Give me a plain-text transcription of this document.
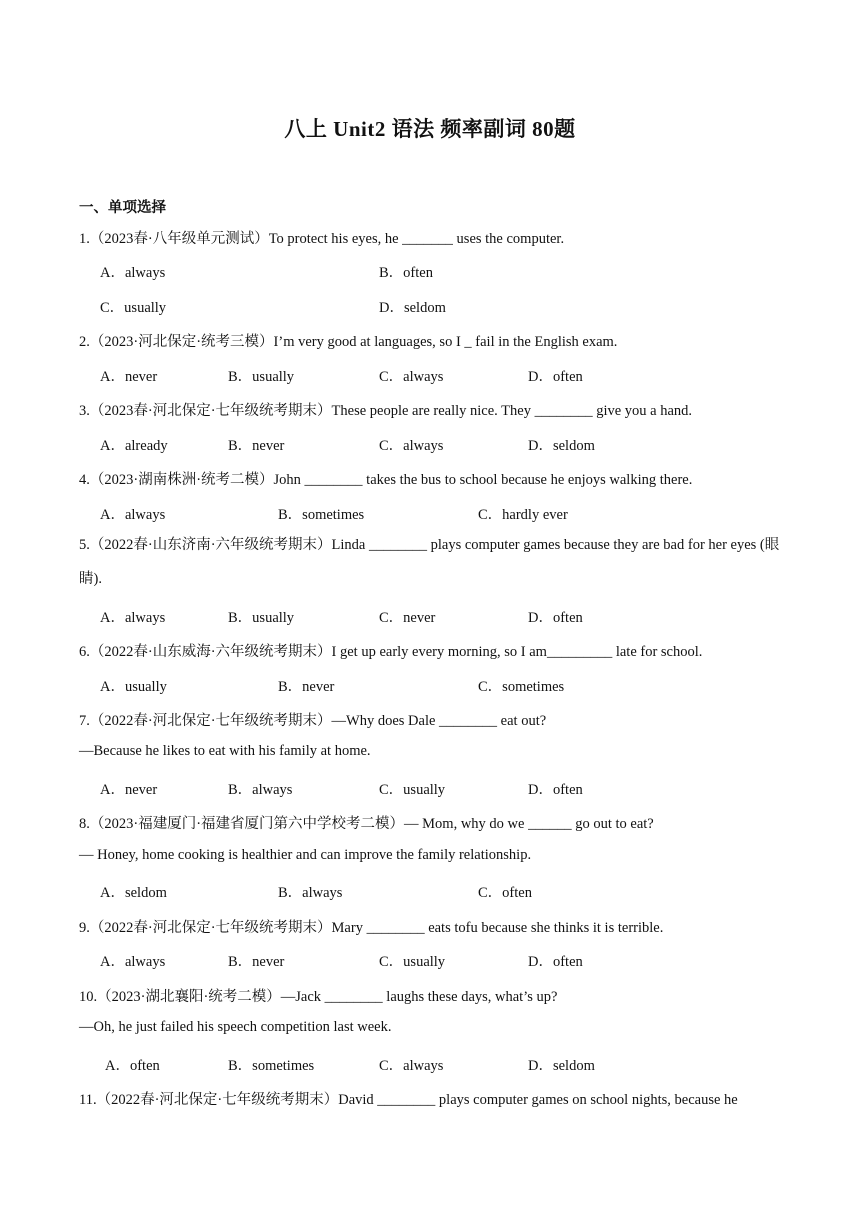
八上 Unit2 语法 频率副词 80题
一、单项选择
1.（2023春·八年级单元测试）To protect his eyes, he _______ uses the computer.
A．always	B．often
C．usually	D．seldom
2.（2023·河北保定·统考三模）I’m very good at languages, so I _ fail in the English exam.
A．never	B．usually	C．always	D．often
3.（2023春·河北保定·七年级统考期末）These people are really nice. They ________ give you a hand.
A．already	B．never	C．always	D．seldom
4.（2023·湖南株洲·统考二模）John ________ takes the bus to school because he enjoys walking there.
A．always	B．sometimes	C．hardly ever
5.（2022春·山东济南·六年级统考期末）Linda ________ plays computer games because they are bad for her eyes (眼睛).
A．always	B．usually	C．never	D．often
6.（2022春·山东威海·六年级统考期末）I get up early every morning, so I am_________ late for school.
A．usually	B．never	C．sometimes
7.（2022春·河北保定·七年级统考期末）—Why does Dale ________ eat out?
—Because he likes to eat with his family at home.
A．never	B．always	C．usually	D．often
8.（2023·福建厦门·福建省厦门第六中学校考二模）— Mom, why do we ______ go out to eat?
— Honey, home cooking is healthier and can improve the family relationship.
A．seldom	B．always	C．often
9.（2022春·河北保定·七年级统考期末）Mary ________ eats tofu because she thinks it is terrible.
A．always	B．never	C．usually	D．often
10.（2023·湖北襄阳·统考二模）—Jack ________ laughs these days, what’s up?
—Oh, he just failed his speech competition last week.
A．often	B．sometimes	C．always	D．seldom
11.（2022春·河北保定·七年级统考期末）David ________ plays computer games on school nights, because he
